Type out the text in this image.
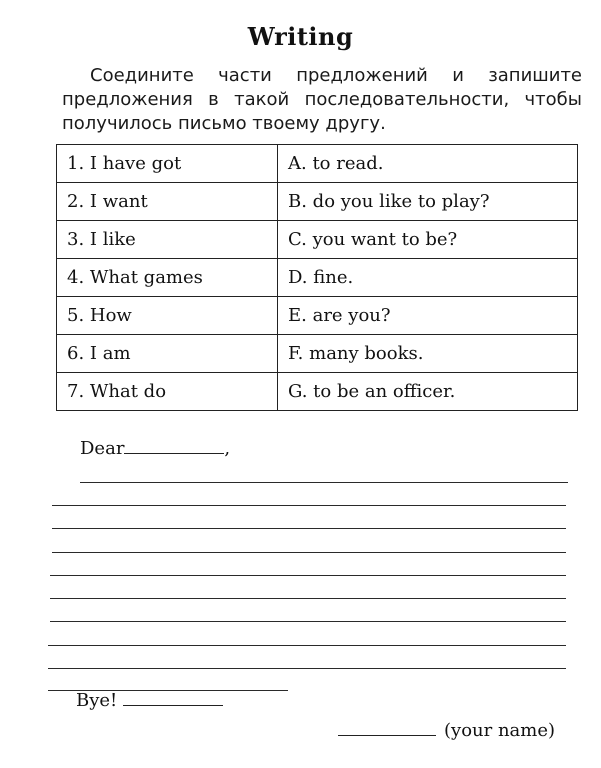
Writing
Соедините части предложений и запишите предложения в такой последовательности, чтобы получилось письмо твоему другу.
1. I have got	A. to read.
2. I want	B. do you like to play?
3. I like	C. you want to be?
4. What games	D. fine.
5. How	E. are you?
6. I am	F. many books.
7. What do	G. to be an officer.
Dear	,
Bye!
(your name)
